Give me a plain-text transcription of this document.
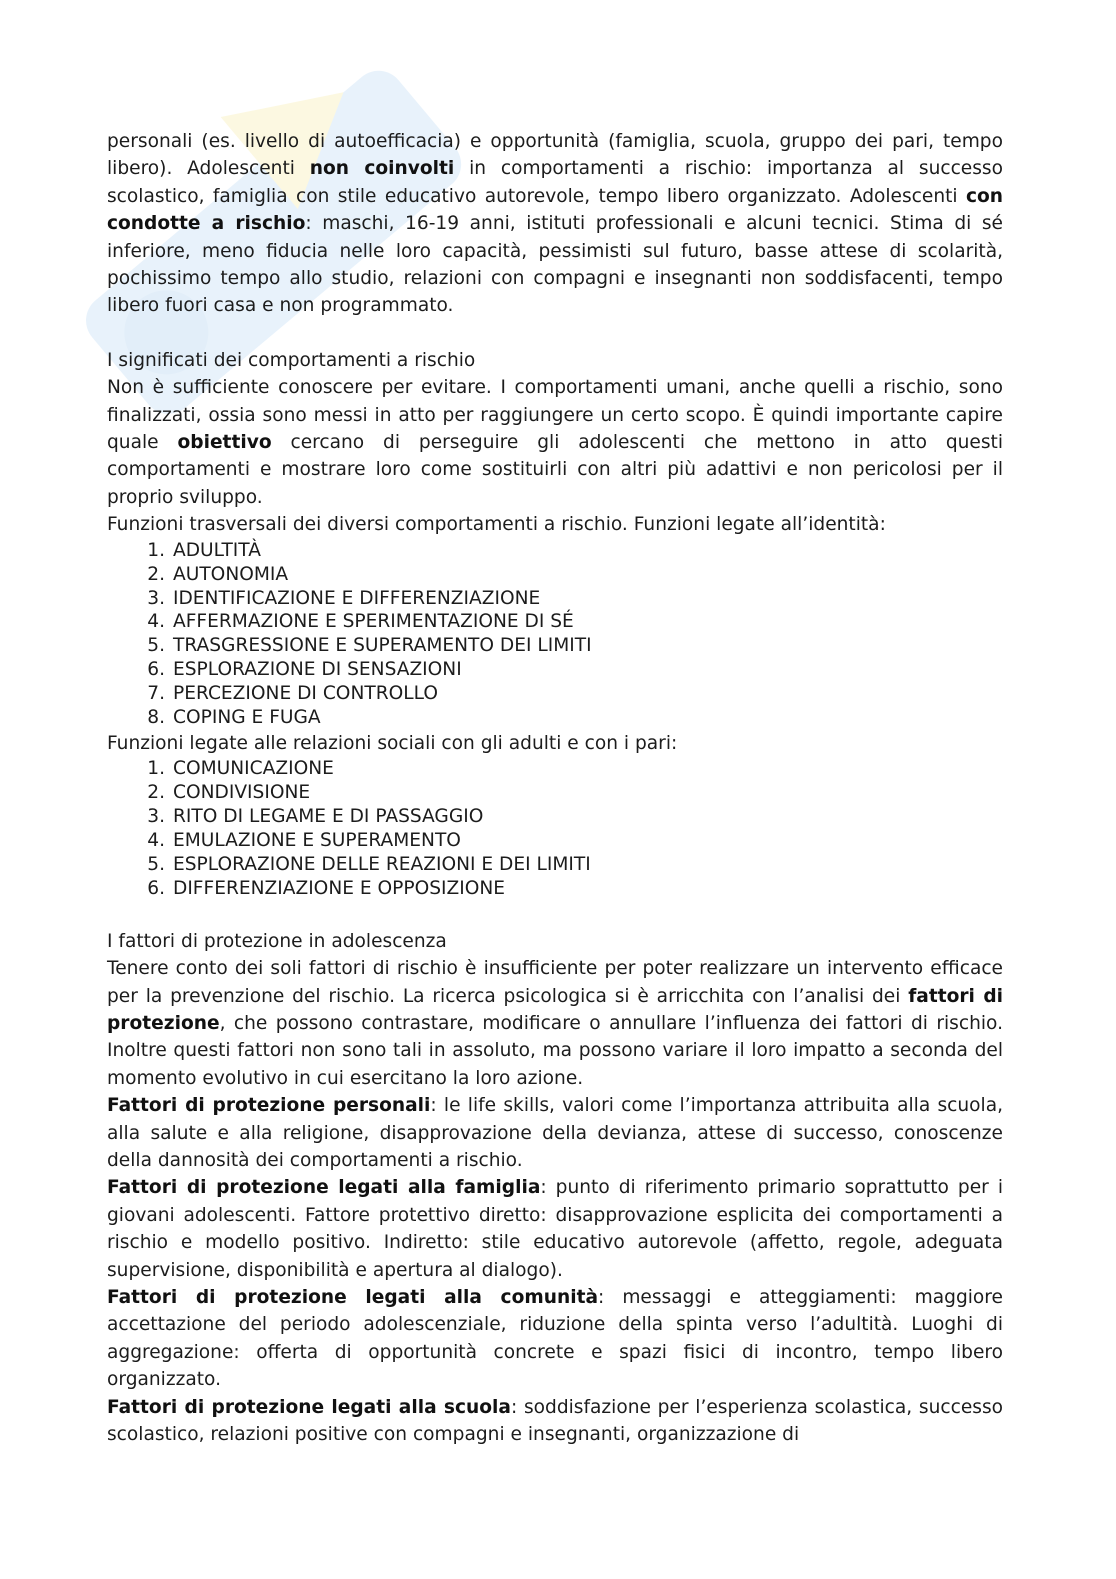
personali (es. livello di autoefficacia) e opportunità (famiglia, scuola, gruppo dei pari, tempo libero). Adolescenti non coinvolti in comportamenti a rischio: importanza al successo scolastico, famiglia con stile educativo autorevole, tempo libero organizzato. Adolescenti con condotte a rischio: maschi, 16-19 anni, istituti professionali e alcuni tecnici. Stima di sé inferiore, meno fiducia nelle loro capacità, pessimisti sul futuro, basse attese di scolarità, pochissimo tempo allo studio, relazioni con compagni e insegnanti non soddisfacenti, tempo libero fuori casa e non programmato.

I significati dei comportamenti a rischio

Non è sufficiente conoscere per evitare. I comportamenti umani, anche quelli a rischio, sono finalizzati, ossia sono messi in atto per raggiungere un certo scopo. È quindi importante capire quale obiettivo cercano di perseguire gli adolescenti che mettono in atto questi comportamenti e mostrare loro come sostituirli con altri più adattivi e non pericolosi per il proprio sviluppo.

Funzioni trasversali dei diversi comportamenti a rischio. Funzioni legate all’identità:

1. ADULTITÀ
2. AUTONOMIA
3. IDENTIFICAZIONE E DIFFERENZIAZIONE
4. AFFERMAZIONE E SPERIMENTAZIONE DI SÉ
5. TRASGRESSIONE E SUPERAMENTO DEI LIMITI
6. ESPLORAZIONE DI SENSAZIONI
7. PERCEZIONE DI CONTROLLO
8. COPING E FUGA

Funzioni legate alle relazioni sociali con gli adulti e con i pari:

1. COMUNICAZIONE
2. CONDIVISIONE
3. RITO DI LEGAME E DI PASSAGGIO
4. EMULAZIONE E SUPERAMENTO
5. ESPLORAZIONE DELLE REAZIONI E DEI LIMITI
6. DIFFERENZIAZIONE E OPPOSIZIONE

I fattori di protezione in adolescenza

Tenere conto dei soli fattori di rischio è insufficiente per poter realizzare un intervento efficace per la prevenzione del rischio. La ricerca psicologica si è arricchita con l’analisi dei fattori di protezione, che possono contrastare, modificare o annullare l’influenza dei fattori di rischio. Inoltre questi fattori non sono tali in assoluto, ma possono variare il loro impatto a seconda del momento evolutivo in cui esercitano la loro azione.

Fattori di protezione personali: le life skills, valori come l’importanza attribuita alla scuola, alla salute e alla religione, disapprovazione della devianza, attese di successo, conoscenze della dannosità dei comportamenti a rischio.

Fattori di protezione legati alla famiglia: punto di riferimento primario soprattutto per i giovani adolescenti. Fattore protettivo diretto: disapprovazione esplicita dei comportamenti a rischio e modello positivo. Indiretto: stile educativo autorevole (affetto, regole, adeguata supervisione, disponibilità e apertura al dialogo).

Fattori di protezione legati alla comunità: messaggi e atteggiamenti: maggiore accettazione del periodo adolescenziale, riduzione della spinta verso l’adultità. Luoghi di aggregazione: offerta di opportunità concrete e spazi fisici di incontro, tempo libero organizzato.

Fattori di protezione legati alla scuola: soddisfazione per l’esperienza scolastica, successo scolastico, relazioni positive con compagni e insegnanti, organizzazione di
